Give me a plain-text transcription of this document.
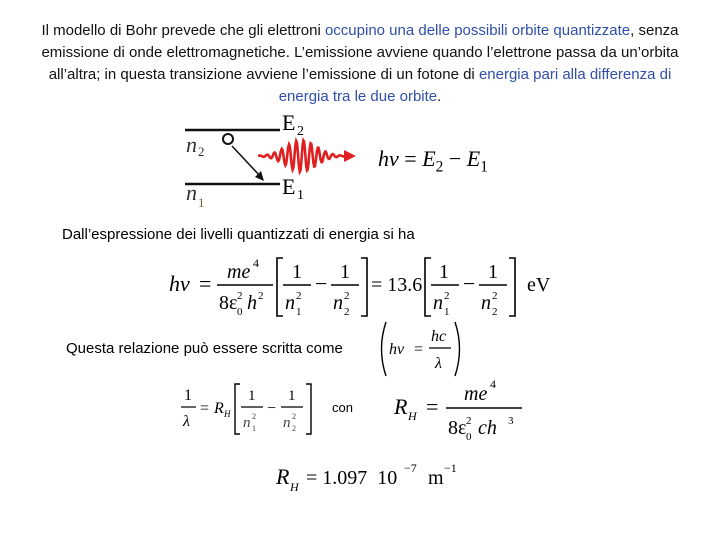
Il modello di Bohr prevede che gli elettroni occupino una delle possibili orbite quantizzate, senza emissione di onde elettromagnetiche. L’emissione avviene quando l’elettrone passa da un’orbita all’altra; in questa transizione avviene l’emissione di un fotone di energia pari alla differenza di energia tra le due orbite.
E 2
E 1
n 2
n 1
$h\nu = E_2 - E_1$
Dall’espressione dei livelli quantizzati di energia si ha
hν = me 4
8ε 0
2 h 2
1
n 2
1
− 1
n 2
2
= 13.6
1
n 2
1
− 1
n 2
2
eV
Questa relazione può essere scritta come	hν =
hc
λ
1
λ
= R H
1
n 2
1
−
1
n 2
2
con R H = me 4
8ε 0
2 ch 3
R H = 1.097  10 −7 m −1
